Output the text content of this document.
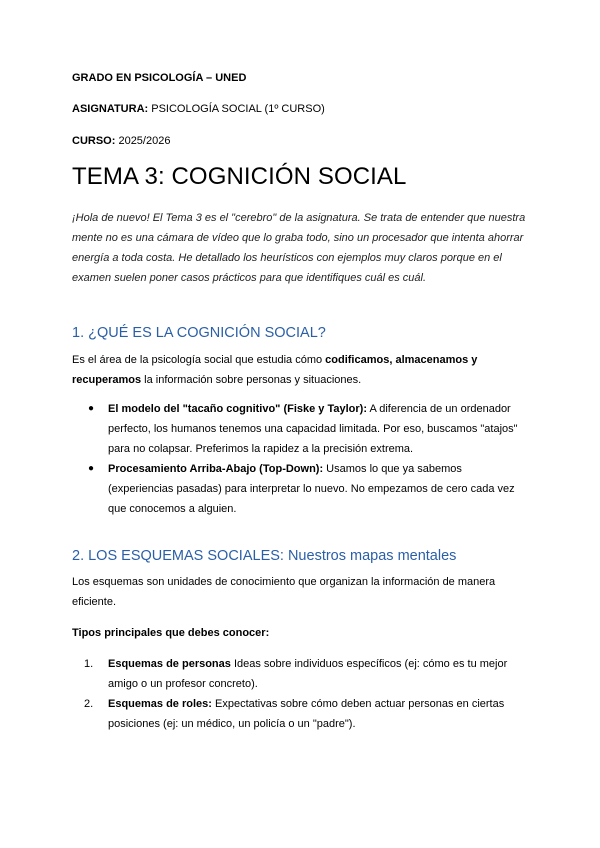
GRADO EN PSICOLOGÍA – UNED
ASIGNATURA: PSICOLOGÍA SOCIAL (1º CURSO)
CURSO: 2025/2026
TEMA 3: COGNICIÓN SOCIAL

¡Hola de nuevo! El Tema 3 es el "cerebro" de la asignatura. Se trata de entender que nuestra mente no es una cámara de vídeo que lo graba todo, sino un procesador que intenta ahorrar energía a toda costa. He detallado los heurísticos con ejemplos muy claros porque en el examen suelen poner casos prácticos para que identifiques cuál es cuál.

1. ¿QUÉ ES LA COGNICIÓN SOCIAL?

Es el área de la psicología social que estudia cómo codificamos, almacenamos y recuperamos la información sobre personas y situaciones.

● El modelo del "tacaño cognitivo" (Fiske y Taylor): A diferencia de un ordenador perfecto, los humanos tenemos una capacidad limitada. Por eso, buscamos "atajos" para no colapsar. Preferimos la rapidez a la precisión extrema.
● Procesamiento Arriba-Abajo (Top-Down): Usamos lo que ya sabemos (experiencias pasadas) para interpretar lo nuevo. No empezamos de cero cada vez que conocemos a alguien.
2. LOS ESQUEMAS SOCIALES: Nuestros mapas mentales

Los esquemas son unidades de conocimiento que organizan la información de manera eficiente.

Tipos principales que debes conocer:

1. Esquemas de personas Ideas sobre individuos específicos (ej: cómo es tu mejor amigo o un profesor concreto).
2. Esquemas de roles: Expectativas sobre cómo deben actuar personas en ciertas posiciones (ej: un médico, un policía o un "padre").
